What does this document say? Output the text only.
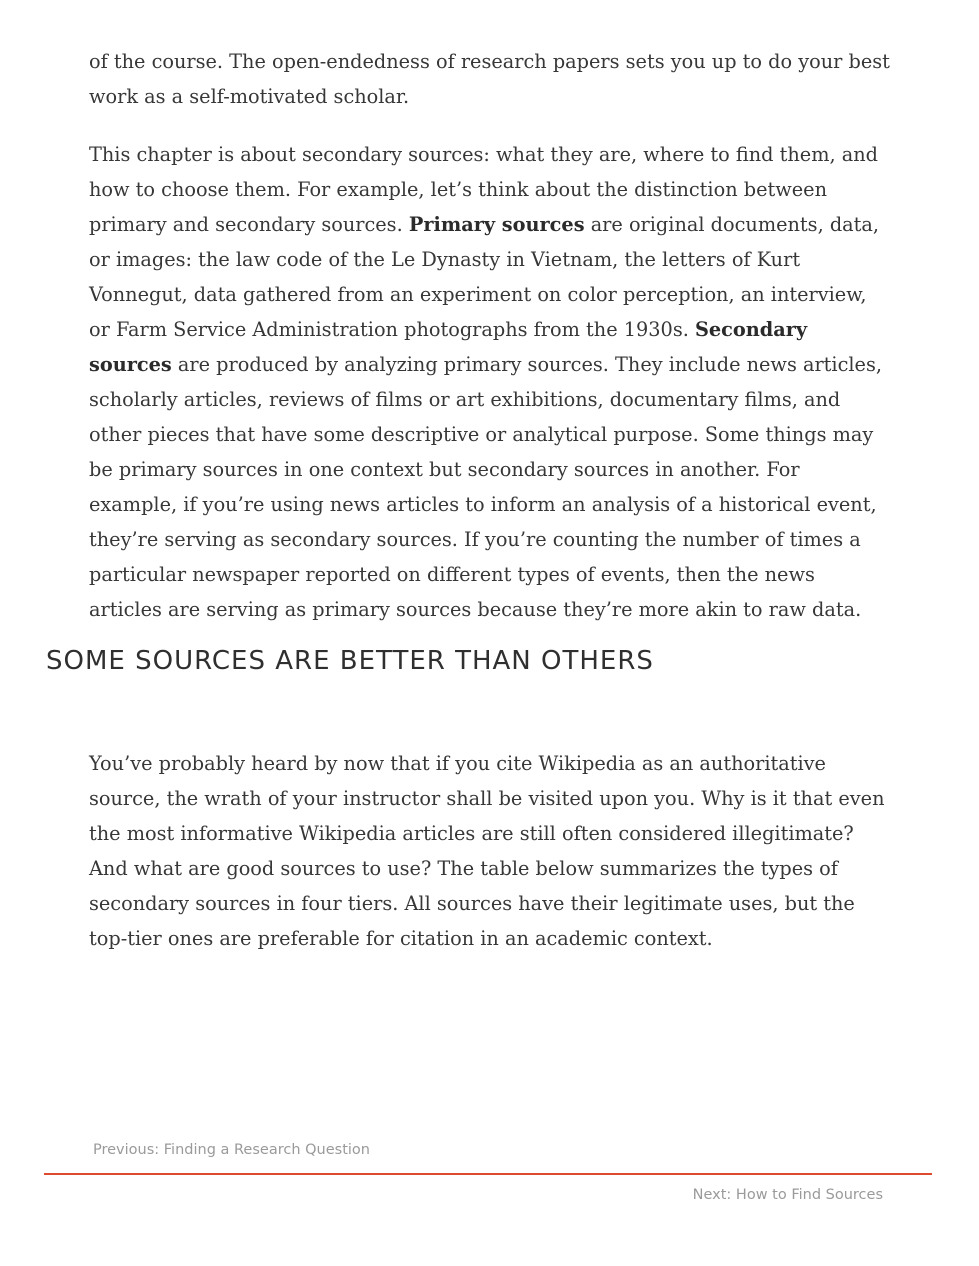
of the course. The open-endedness of research papers sets you up to do your best work as a self-motivated scholar.

This chapter is about secondary sources: what they are, where to find them, and how to choose them. For example, let’s think about the distinction between primary and secondary sources. Primary sources are original documents, data, or images: the law code of the Le Dynasty in Vietnam, the letters of Kurt Vonnegut, data gathered from an experiment on color perception, an interview, or Farm Service Administration photographs from the 1930s. Secondary sources are produced by analyzing primary sources. They include news articles, scholarly articles, reviews of films or art exhibitions, documentary films, and other pieces that have some descriptive or analytical purpose. Some things may be primary sources in one context but secondary sources in another. For example, if you’re using news articles to inform an analysis of a historical event, they’re serving as secondary sources. If you’re counting the number of times a particular newspaper reported on different types of events, then the news articles are serving as primary sources because they’re more akin to raw data.

SOME SOURCES ARE BETTER THAN OTHERS

You’ve probably heard by now that if you cite Wikipedia as an authoritative source, the wrath of your instructor shall be visited upon you. Why is it that even the most informative Wikipedia articles are still often considered illegitimate? And what are good sources to use? The table below summarizes the types of secondary sources in four tiers. All sources have their legitimate uses, but the top-tier ones are preferable for citation in an academic context.

Previous: Finding a Research Question
Next: How to Find Sources
